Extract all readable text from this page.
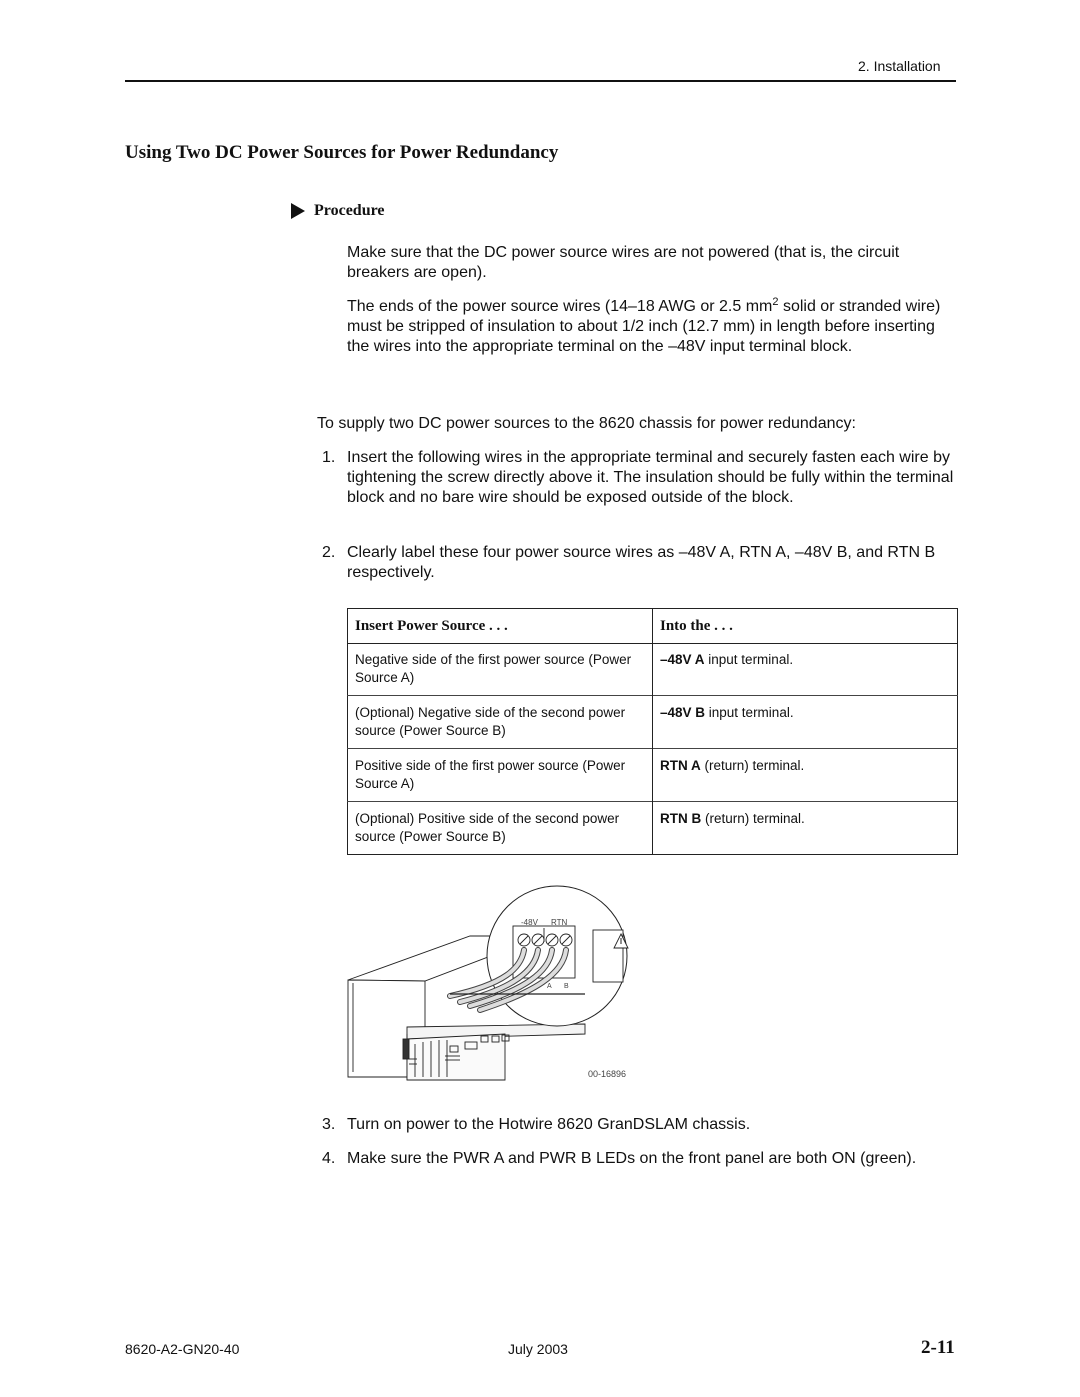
2. Installation
Using Two DC Power Sources for Power Redundancy
Procedure
Make sure that the DC power source wires are not powered (that is, the circuit breakers are open).
The ends of the power source wires (14–18 AWG or 2.5 $mm^2$ solid or stranded wire) must be stripped of insulation to about 1/2 inch (12.7 mm) in length before inserting the wires into the appropriate terminal on the –48V input terminal block.
To supply two DC power sources to the 8620 chassis for power redundancy:
1. Insert the following wires in the appropriate terminal and securely fasten each wire by tightening the screw directly above it. The insulation should be fully within the terminal block and no bare wire should be exposed outside of the block.
2. Clearly label these four power source wires as –48V A, RTN A, –48V B, and RTN B respectively.
Insert Power Source . . .	Into the . . .
Negative side of the first power source (Power Source A)	–48V A input terminal.
(Optional) Negative side of the second power source (Power Source B)	–48V B input terminal.
Positive side of the first power source (Power Source A)	RTN A (return) terminal.
(Optional) Positive side of the second power source (Power Source B)	RTN B (return) terminal.
-48V RTN
A B
00-16896
3. Turn on power to the Hotwire 8620 GranDSLAM chassis.
4. Make sure the PWR A and PWR B LEDs on the front panel are both ON (green).
8620-A2-GN20-40	July 2003	2-11
